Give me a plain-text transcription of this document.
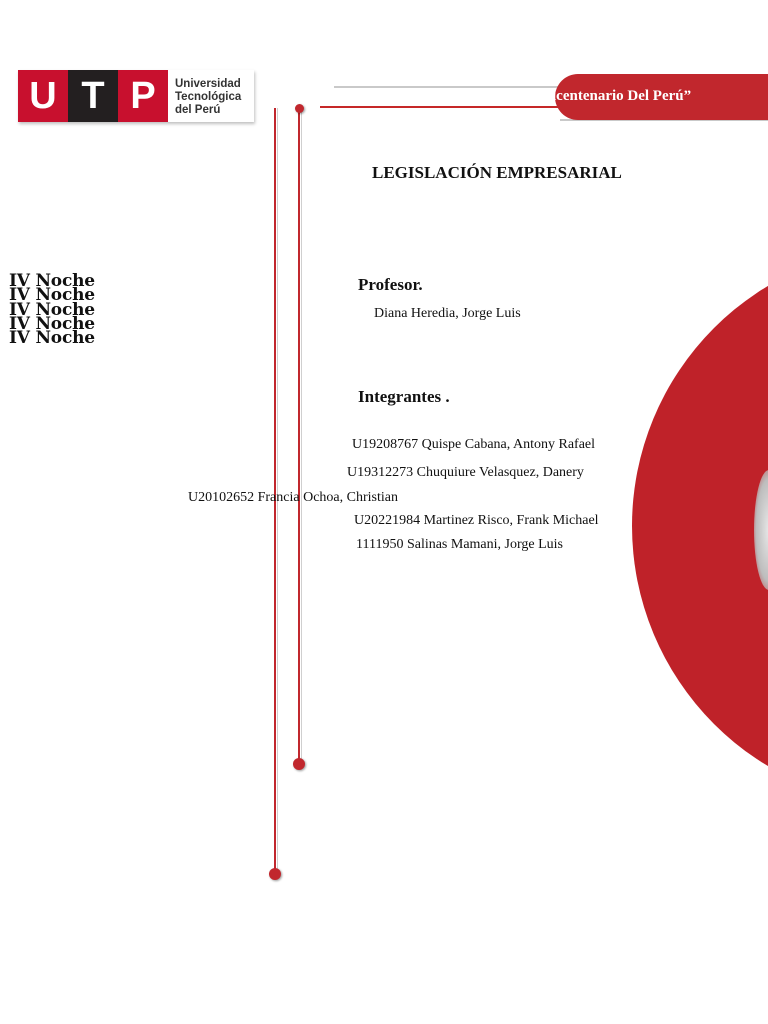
U T P	Universidad
Tecnológica
del Perú
icentenario Del Perú”
LEGISLACIÓN EMPRESARIAL
IV Noche
IV Noche
IV Noche
IV Noche
IV Noche
Profesor.
Diana Heredia, Jorge Luis
Integrantes .
U19208767 Quispe Cabana, Antony Rafael
U19312273 Chuquiure Velasquez, Danery
U20102652 Francia Ochoa, Christian
U20221984 Martinez Risco, Frank Michael
1111950 Salinas Mamani, Jorge Luis
